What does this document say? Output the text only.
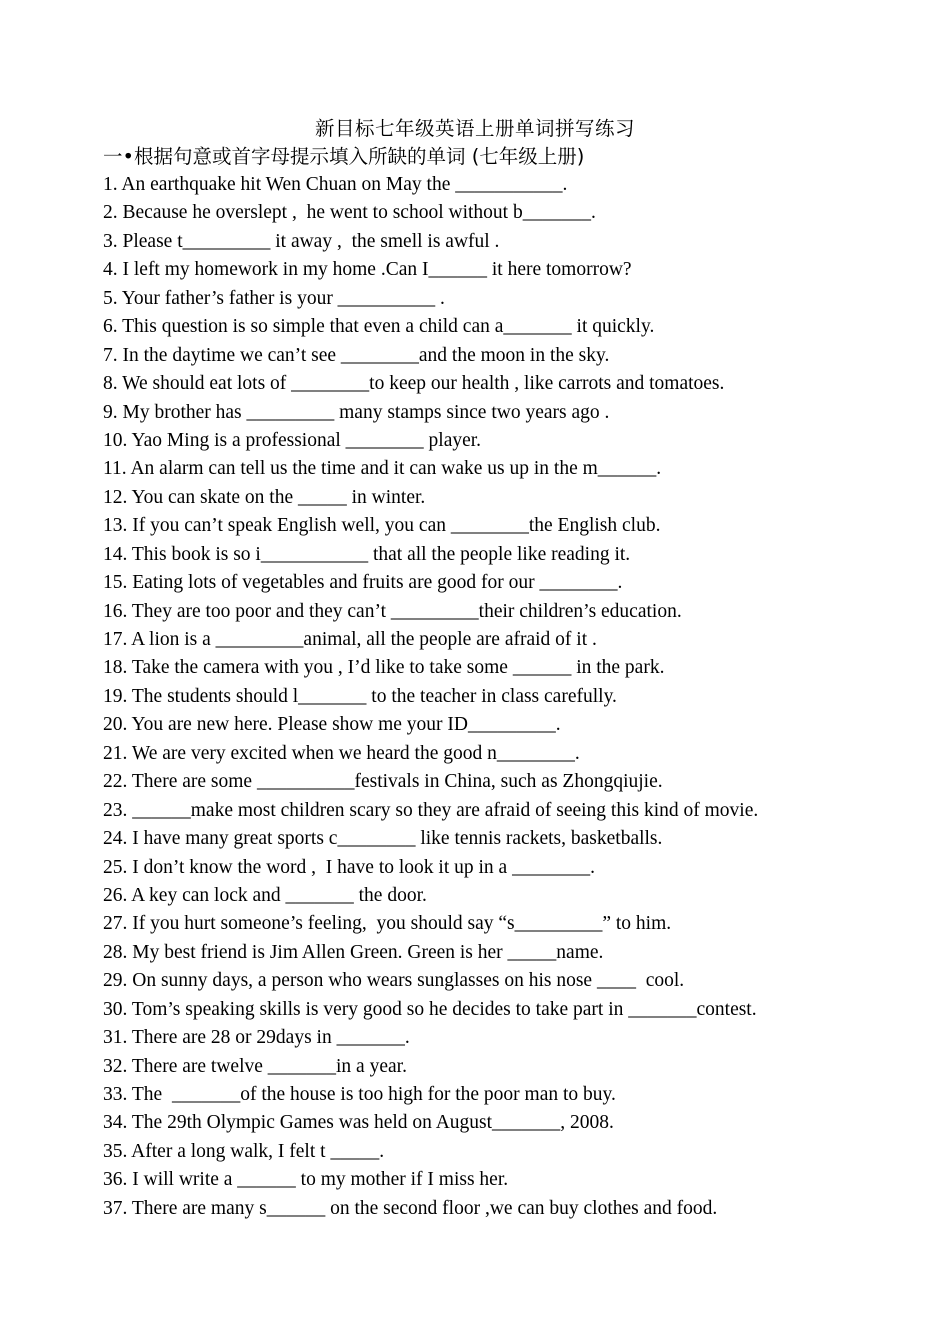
新目标七年级英语上册单词拼写练习
一•根据句意或首字母提示填入所缺的单词 (七年级上册)
1. An earthquake hit Wen Chuan on May the ___________.
2. Because he overslept ,  he went to school without b_______.
3. Please t_________ it away ,  the smell is awful .
4. I left my homework in my home .Can I______ it here tomorrow?
5. Your father’s father is your __________ .
6. This question is so simple that even a child can a_______ it quickly.
7. In the daytime we can’t see ________and the moon in the sky.
8. We should eat lots of ________to keep our health , like carrots and tomatoes.
9. My brother has _________ many stamps since two years ago .
10. Yao Ming is a professional ________ player.
11. An alarm can tell us the time and it can wake us up in the m______.
12. You can skate on the _____ in winter.
13. If you can’t speak English well, you can ________the English club.
14. This book is so i___________ that all the people like reading it.
15. Eating lots of vegetables and fruits are good for our ________.
16. They are too poor and they can’t _________their children’s education.
17. A lion is a _________animal, all the people are afraid of it .
18. Take the camera with you , I’d like to take some ______ in the park.
19. The students should l_______ to the teacher in class carefully.
20. You are new here. Please show me your ID_________.
21. We are very excited when we heard the good n________.
22. There are some __________festivals in China, such as Zhongqiujie.
23. ______make most children scary so they are afraid of seeing this kind of movie.
24. I have many great sports c________ like tennis rackets, basketballs.
25. I don’t know the word ,  I have to look it up in a ________.
26. A key can lock and _______ the door.
27. If you hurt someone’s feeling,  you should say “s_________” to him.
28. My best friend is Jim Allen Green. Green is her _____name.
29. On sunny days, a person who wears sunglasses on his nose ____  cool.
30. Tom’s speaking skills is very good so he decides to take part in _______contest.
31. There are 28 or 29days in _______.
32. There are twelve _______in a year.
33. The  _______of the house is too high for the poor man to buy.
34. The 29th Olympic Games was held on August_______, 2008.
35. After a long walk, I felt t _____.
36. I will write a ______ to my mother if I miss her.
37. There are many s______ on the second floor ,we can buy clothes and food.
